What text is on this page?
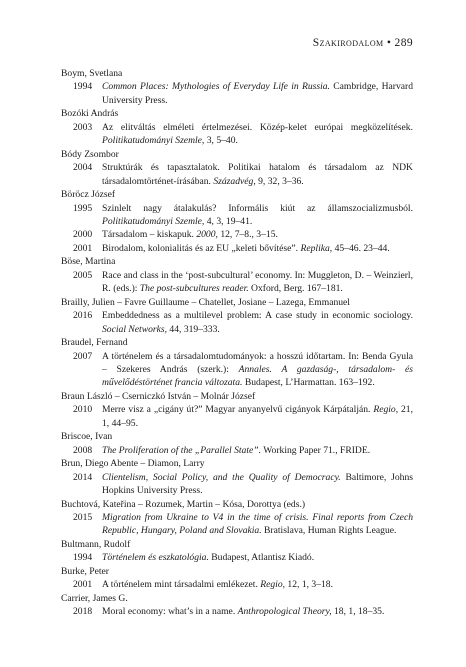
Szakirodalom • 289
Boym, Svetlana
1994 Common Places: Mythologies of Everyday Life in Russia. Cambridge, Harvard University Press.
Bozóki András
2003 Az elitváltás elméleti értelmezései. Közép-kelet európai megközelítések. Politikatudományi Szemle, 3, 5–40.
Bódy Zsombor
2004 Struktúrák és tapasztalatok. Politikai hatalom és társadalom az NDK társadalomtörténet-írásában. Századvég, 9, 32, 3–36.
Böröcz József
1995 Szinlelt nagy átalakulás? Informális kiút az államszocializmusból. Politikatudományi Szemle, 4, 3, 19–41.
2000 Társadalom – kiskapuk. 2000, 12, 7–8., 3–15.
2001 Birodalom, kolonialitás és az EU „keleti bővítése”. Replika, 45–46. 23–44.
Böse, Martina
2005 Race and class in the ‘post-subcultural’ economy. In: Muggleton, D. – Weinzierl, R. (eds.): The post-subcultures reader. Oxford, Berg. 167–181.
Brailly, Julien – Favre Guillaume – Chatellet, Josiane – Lazega, Emmanuel
2016 Embeddedness as a multilevel problem: A case study in economic sociology. Social Networks, 44, 319–333.
Braudel, Fernand
2007 A történelem és a társadalomtudományok: a hosszú időtartam. In: Benda Gyula – Szekeres András (szerk.): Annales. A gazdaság-, társadalom- és művelődéstörténet francia változata. Budapest, L’Harmattan. 163–192.
Braun László – Cserniczkó István – Molnár József
2010 Merre visz a „cigány út?” Magyar anyanyelvű cigányok Kárpátalján. Regio, 21, 1, 44–95.
Briscoe, Ivan
2008 The Proliferation of the „Parallel State”. Working Paper 71., FRIDE.
Brun, Diego Abente – Diamon, Larry
2014 Clientelism, Social Policy, and the Quality of Democracy. Baltimore, Johns Hopkins University Press.
Buchtová, Kateřina – Rozumek, Martin – Kósa, Dorottya (eds.)
2015 Migration from Ukraine to V4 in the time of crisis. Final reports from Czech Republic, Hungary, Poland and Slovakia. Bratislava, Human Rights League.
Bultmann, Rudolf
1994 Történelem és eszkatológia. Budapest, Atlantisz Kiadó.
Burke, Peter
2001 A történelem mint társadalmi emlékezet. Regio, 12, 1, 3–18.
Carrier, James G.
2018 Moral economy: what’s in a name. Anthropological Theory, 18, 1, 18–35.
